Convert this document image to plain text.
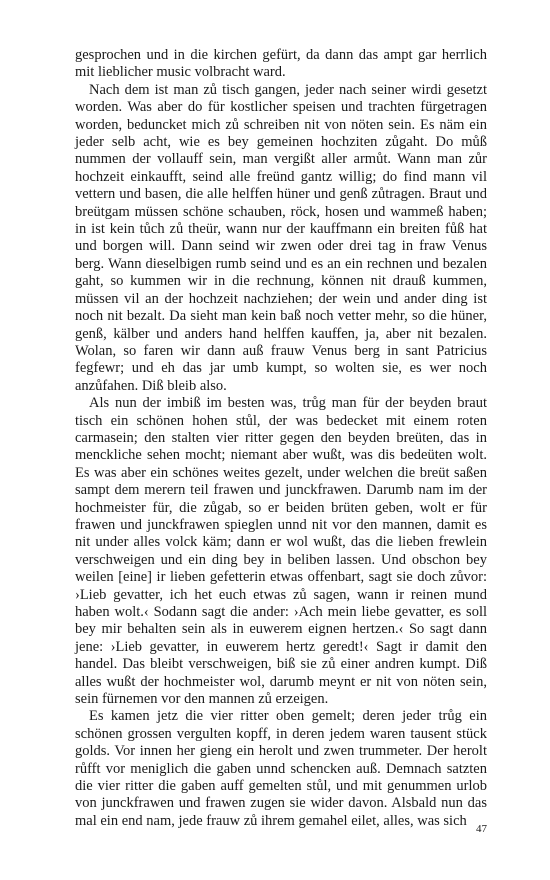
gesprochen und in die kirchen gefürt, da dann das ampt gar herrlich mit lieblicher music volbracht ward.

Nach dem ist man zů tisch gangen, jeder nach seiner wirdi gesetzt worden. Was aber do für kostlicher speisen und trachten fürgetragen worden, beduncket mich zů schreiben nit von nöten sein. Es näm ein jeder selb acht, wie es bey gemeinen hochziten zůgaht. Do můß nummen der vollauff sein, man vergißt aller armůt. Wann man zůr hochzeit einkaufft, seind alle freünd gantz willig; do find mann vil vettern und basen, die alle helffen hüner und genß zůtragen. Braut und breütgam müssen schöne schauben, röck, hosen und wammeß haben; in ist kein tůch zů theür, wann nur der kauffmann ein breiten fůß hat und borgen will. Dann seind wir zwen oder drei tag in fraw Venus berg. Wann dieselbigen rumb seind und es an ein rechnen und bezalen gaht, so kummen wir in die rechnung, können nit drauß kummen, müssen vil an der hochzeit nachziehen; der wein und ander ding ist noch nit bezalt. Da sieht man kein baß noch vetter mehr, so die hüner, genß, kälber und anders hand helffen kauffen, ja, aber nit bezalen. Wolan, so faren wir dann auß frauw Venus berg in sant Patricius fegfewr; und eh das jar umb kumpt, so wolten sie, es wer noch anzůfahen. Diß bleib also.

Als nun der imbiß im besten was, trůg man für der beyden braut tisch ein schönen hohen stůl, der was bedecket mit einem roten carmasein; den stalten vier ritter gegen den beyden breüten, das in menckliche sehen mocht; niemant aber wußt, was dis bedeüten wolt. Es was aber ein schönes weites gezelt, under welchen die breüt saßen sampt dem merern teil frawen und junckfrawen. Darumb nam im der hochmeister für, die zůgab, so er beiden brüten geben, wolt er für frawen und junckfrawen spieglen unnd nit vor den mannen, damit es nit under alles volck käm; dann er wol wußt, das die lieben frewlein verschweigen und ein ding bey in beliben lassen. Und obschon bey weilen [eine] ir lieben gefetterin etwas offenbart, sagt sie doch zůvor: ›Lieb gevatter, ich het euch etwas zů sagen, wann ir reinen mund haben wolt.‹ Sodann sagt die ander: ›Ach mein liebe gevatter, es soll bey mir behalten sein als in euwerem eignen hertzen.‹ So sagt dann jene: ›Lieb gevatter, in euwerem hertz geredt!‹ Sagt ir damit den handel. Das bleibt verschweigen, biß sie zů einer andren kumpt. Diß alles wußt der hochmeister wol, darumb meynt er nit von nöten sein, sein fürnemen vor den mannen zů erzeigen.

Es kamen jetz die vier ritter oben gemelt; deren jeder trůg ein schönen grossen vergulten kopff, in deren jedem waren tausent stück golds. Vor innen her gieng ein herolt und zwen trummeter. Der herolt růfft vor meniglich die gaben unnd schencken auß. Demnach satzten die vier ritter die gaben auff gemelten stůl, und mit genummen urlob von junckfrawen und frawen zugen sie wider davon. Alsbald nun das mal ein end nam, jede frauw zů ihrem gemahel eilet, alles, was sich

47
